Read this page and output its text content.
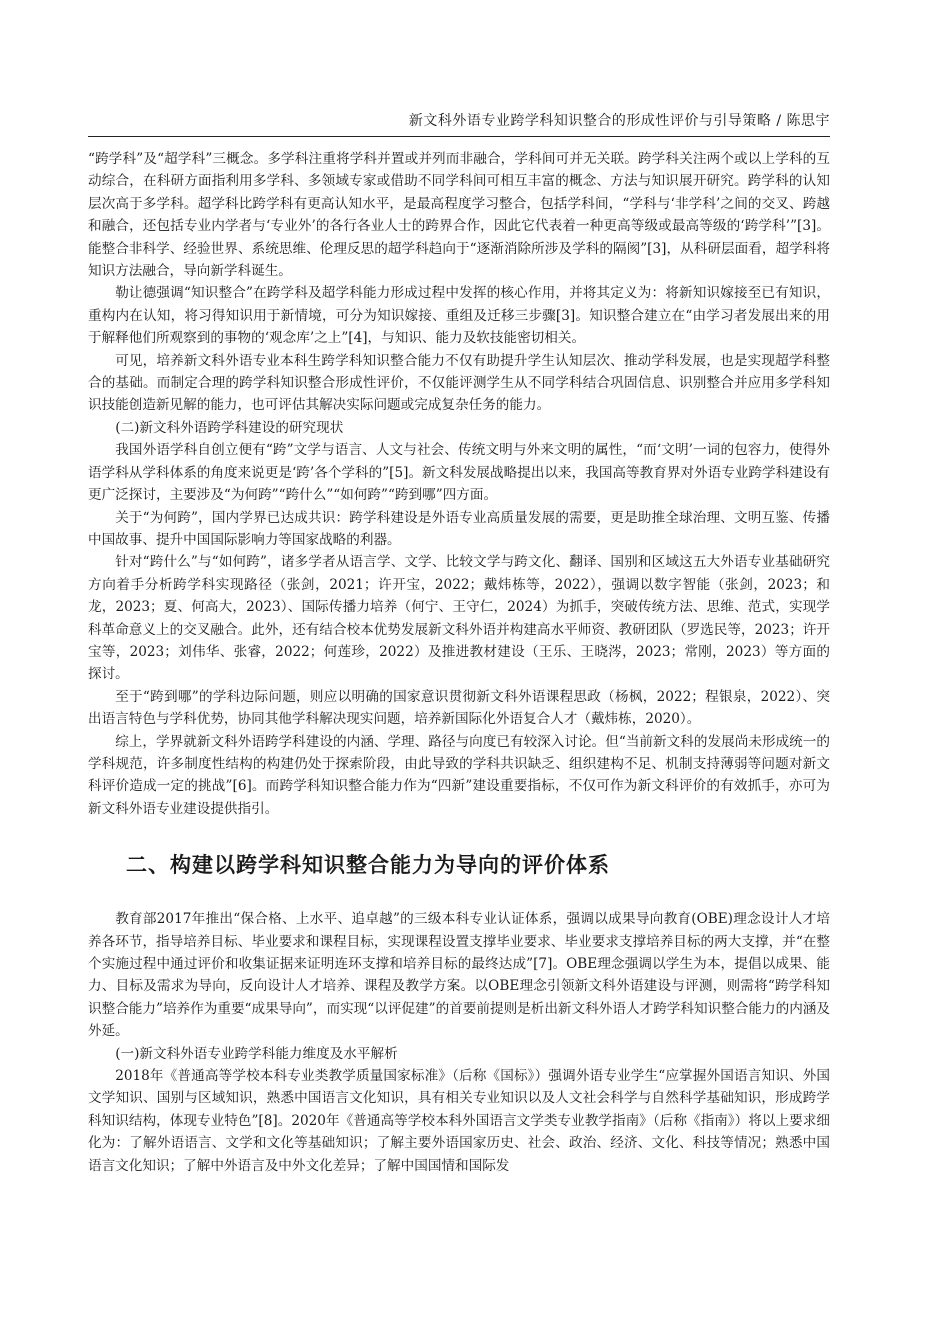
新文科外语专业跨学科知识整合的形成性评价与引导策略 / 陈思宇

“跨学科”及“超学科”三概念。多学科注重将学科并置或并列而非融合，学科间可并无关联。跨学科关注两个或以上学科的互动综合，在科研方面指利用多学科、多领域专家或借助不同学科间可相互丰富的概念、方法与知识展开研究。跨学科的认知层次高于多学科。超学科比跨学科有更高认知水平，是最高程度学习整合，包括学科间，“学科与‘非学科’之间的交叉、跨越和融合，还包括专业内学者与‘专业外’的各行各业人士的跨界合作，因此它代表着一种更高等级或最高等级的‘跨学科’”[3]。能整合非科学、经验世界、系统思维、伦理反思的超学科趋向于“逐渐消除所涉及学科的隔阂”[3]，从科研层面看，超学科将知识方法融合，导向新学科诞生。

勒让德强调“知识整合”在跨学科及超学科能力形成过程中发挥的核心作用，并将其定义为：将新知识嫁接至已有知识，重构内在认知，将习得知识用于新情境，可分为知识嫁接、重组及迁移三步骤[3]。知识整合建立在“由学习者发展出来的用于解释他们所观察到的事物的‘观念库’之上”[4]，与知识、能力及软技能密切相关。

可见，培养新文科外语专业本科生跨学科知识整合能力不仅有助提升学生认知层次、推动学科发展，也是实现超学科整合的基础。而制定合理的跨学科知识整合形成性评价，不仅能评测学生从不同学科结合巩固信息、识别整合并应用多学科知识技能创造新见解的能力，也可评估其解决实际问题或完成复杂任务的能力。

(二)新文科外语跨学科建设的研究现状

我国外语学科自创立便有“跨”文学与语言、人文与社会、传统文明与外来文明的属性，“而‘文明’一词的包容力，使得外语学科从学科体系的角度来说更是‘跨’各个学科的”[5]。新文科发展战略提出以来，我国高等教育界对外语专业跨学科建设有更广泛探讨，主要涉及“为何跨”“跨什么”“如何跨”“跨到哪”四方面。

关于“为何跨”，国内学界已达成共识：跨学科建设是外语专业高质量发展的需要，更是助推全球治理、文明互鉴、传播中国故事、提升中国国际影响力等国家战略的利器。

针对“跨什么”与“如何跨”，诸多学者从语言学、文学、比较文学与跨文化、翻译、国别和区域这五大外语专业基础研究方向着手分析跨学科实现路径（张剑，2021；许开宝，2022；戴炜栋等，2022），强调以数字智能（张剑，2023；和龙，2023；夏、何高大，2023）、国际传播力培养（何宁、王守仁，2024）为抓手，突破传统方法、思维、范式，实现学科革命意义上的交叉融合。此外，还有结合校本优势发展新文科外语并构建高水平师资、教研团队（罗选民等，2023；许开宝等，2023；刘伟华、张睿，2022；何莲珍，2022）及推进教材建设（王乐、王晓涔，2023；常刚，2023）等方面的探讨。

至于“跨到哪”的学科边际问题，则应以明确的国家意识贯彻新文科外语课程思政（杨枫，2022；程银泉，2022）、突出语言特色与学科优势，协同其他学科解决现实问题，培养新国际化外语复合人才（戴炜栋，2020）。

综上，学界就新文科外语跨学科建设的内涵、学理、路径与向度已有较深入讨论。但“当前新文科的发展尚未形成统一的学科规范，许多制度性结构的构建仍处于探索阶段，由此导致的学科共识缺乏、组织建构不足、机制支持薄弱等问题对新文科评价造成一定的挑战”[6]。而跨学科知识整合能力作为“四新”建设重要指标，不仅可作为新文科评价的有效抓手，亦可为新文科外语专业建设提供指引。

二、构建以跨学科知识整合能力为导向的评价体系

教育部2017年推出“保合格、上水平、追卓越”的三级本科专业认证体系，强调以成果导向教育(OBE)理念设计人才培养各环节，指导培养目标、毕业要求和课程目标，实现课程设置支撑毕业要求、毕业要求支撑培养目标的两大支撑，并“在整个实施过程中通过评价和收集证据来证明连环支撑和培养目标的最终达成”[7]。OBE理念强调以学生为本，提倡以成果、能力、目标及需求为导向，反向设计人才培养、课程及教学方案。以OBE理念引领新文科外语建设与评测，则需将“跨学科知识整合能力”培养作为重要“成果导向”，而实现“以评促建”的首要前提则是析出新文科外语人才跨学科知识整合能力的内涵及外延。

(一)新文科外语专业跨学科能力维度及水平解析

2018年《普通高等学校本科专业类教学质量国家标准》（后称《国标》）强调外语专业学生“应掌握外国语言知识、外国文学知识、国别与区域知识，熟悉中国语言文化知识，具有相关专业知识以及人文社会科学与自然科学基础知识，形成跨学科知识结构，体现专业特色”[8]。2020年《普通高等学校本科外国语言文学类专业教学指南》（后称《指南》）将以上要求细化为：了解外语语言、文学和文化等基础知识；了解主要外语国家历史、社会、政治、经济、文化、科技等情况；熟悉中国语言文化知识；了解中外语言及中外文化差异；了解中国国情和国际发
